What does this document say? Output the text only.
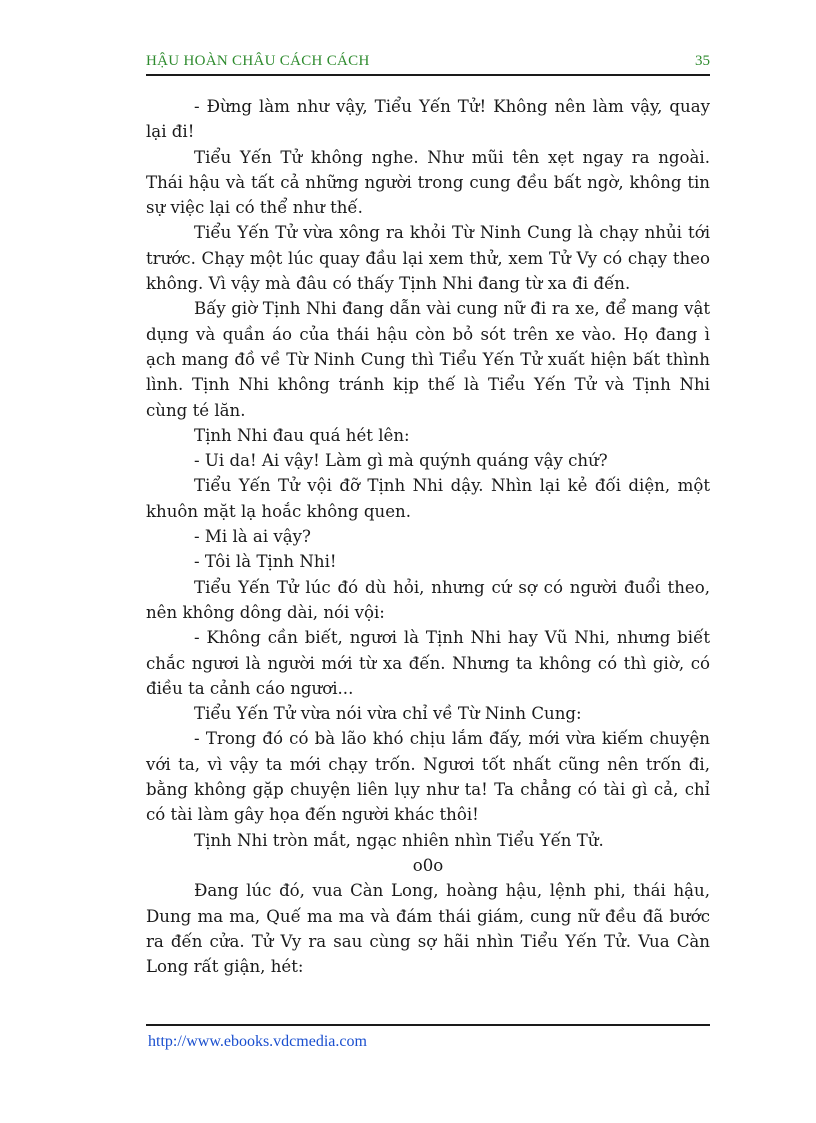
HẬU HOÀN CHÂU CÁCH CÁCH	35

- Đừng làm như vậy, Tiểu Yến Tử! Không nên làm vậy, quay lại đi!

Tiểu Yến Tử không nghe. Như mũi tên xẹt ngay ra ngoài. Thái hậu và tất cả những người trong cung đều bất ngờ, không tin sự việc lại có thể như thế.

Tiểu Yến Tử vừa xông ra khỏi Từ Ninh Cung là chạy nhủi tới trước. Chạy một lúc quay đầu lại xem thử, xem Tử Vy có chạy theo không. Vì vậy mà đâu có thấy Tịnh Nhi đang từ xa đi đến.

Bấy giờ Tịnh Nhi đang dẫn vài cung nữ đi ra xe, để mang vật dụng và quần áo của thái hậu còn bỏ sót trên xe vào. Họ đang ì ạch mang đồ về Từ Ninh Cung thì Tiểu Yến Tử xuất hiện bất thình lình. Tịnh Nhi không tránh kịp thế là Tiểu Yến Tử và Tịnh Nhi cùng té lăn.

Tịnh Nhi đau quá hét lên:

- Ui da! Ai vậy! Làm gì mà quýnh quáng vậy chứ?

Tiểu Yến Tử vội đỡ Tịnh Nhi dậy. Nhìn lại kẻ đối diện, một khuôn mặt lạ hoắc không quen.

- Mi là ai vậy?

- Tôi là Tịnh Nhi!

Tiểu Yến Tử lúc đó dù hỏi, nhưng cứ sợ có người đuổi theo, nên không dông dài, nói vội:

- Không cần biết, ngươi là Tịnh Nhi hay Vũ Nhi, nhưng biết chắc ngươi là người mới từ xa đến. Nhưng ta không có thì giờ, có điều ta cảnh cáo ngươi...

Tiểu Yến Tử vừa nói vừa chỉ về Từ Ninh Cung:

- Trong đó có bà lão khó chịu lắm đấy, mới vừa kiếm chuyện với ta, vì vậy ta mới chạy trốn. Ngươi tốt nhất cũng nên trốn đi, bằng không gặp chuyện liên lụy như ta! Ta chẳng có tài gì cả, chỉ có tài làm gây họa đến người khác thôi!

Tịnh Nhi tròn mắt, ngạc nhiên nhìn Tiểu Yến Tử.

o0o

Đang lúc đó, vua Càn Long, hoàng hậu, lệnh phi, thái hậu, Dung ma ma, Quế ma ma và đám thái giám, cung nữ đều đã bước ra đến cửa. Tử Vy ra sau cùng sợ hãi nhìn Tiểu Yến Tử. Vua Càn Long rất giận, hét:

http://www.ebooks.vdcmedia.com
